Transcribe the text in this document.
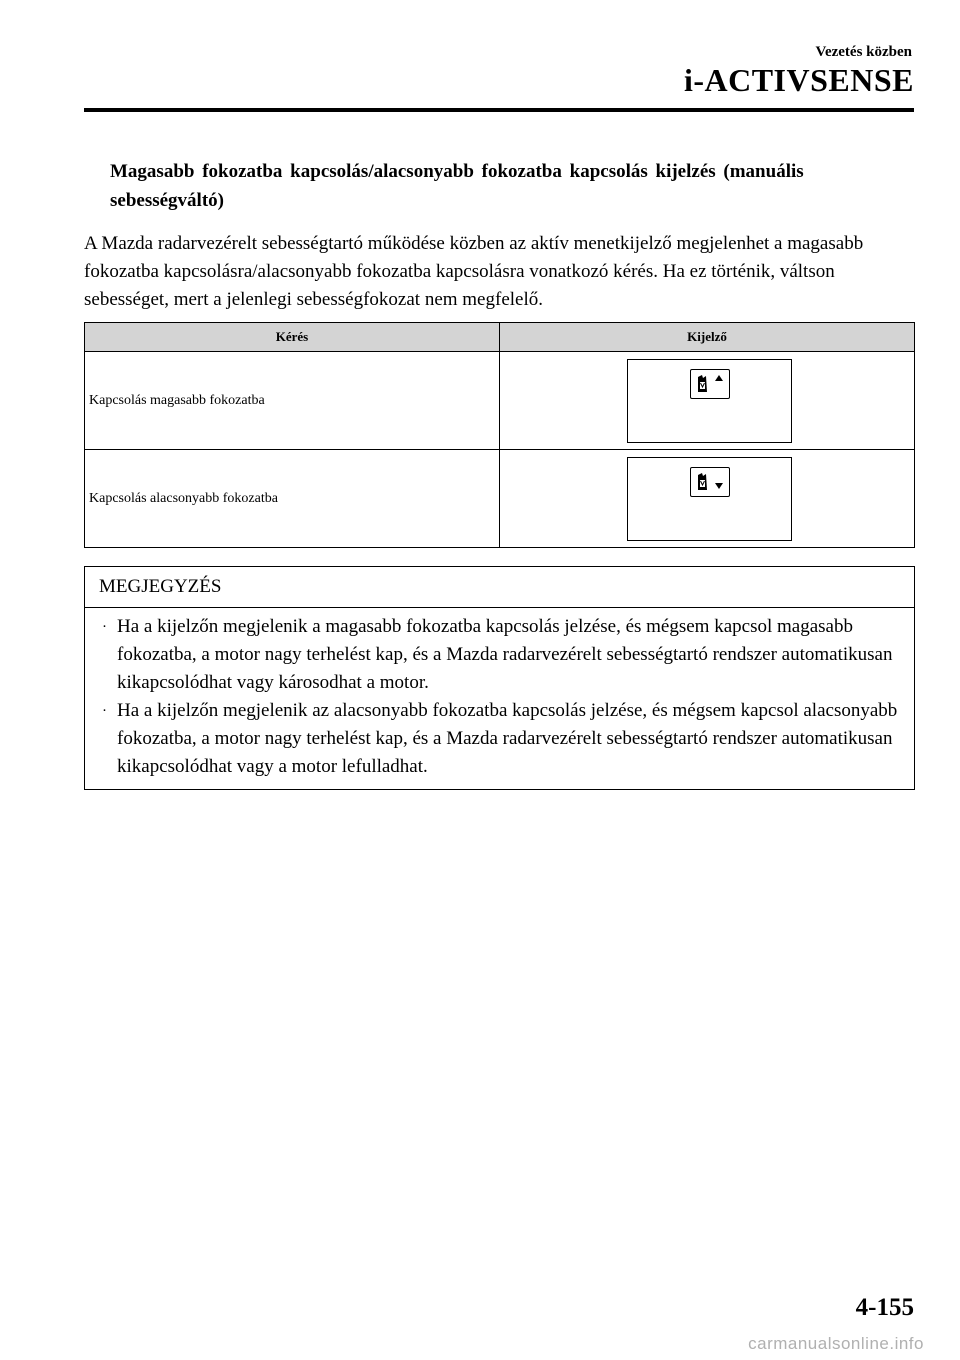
Vezetés közben
i-ACTIVSENSE
Magasabb fokozatba kapcsolás/alacsonyabb fokozatba kapcsolás kijelzés (manuális sebességváltó)
A Mazda radarvezérelt sebességtartó működése közben az aktív menetkijelző megjelenhet a magasabb fokozatba kapcsolásra/alacsonyabb fokozatba kapcsolásra vonatkozó kérés. Ha ez történik, váltson sebességet, mert a jelenlegi sebességfokozat nem megfelelő.
Kérés	Kijelző
Kapcsolás magasabb fokozatba	

Kapcsolás alacsonyabb fokozatba	
MEGJEGYZÉS
· Ha a kijelzőn megjelenik a magasabb fokozatba kapcsolás jelzése, és mégsem kapcsol magasabb fokozatba, a motor nagy terhelést kap, és a Mazda radarvezérelt sebességtartó rendszer automatikusan kikapcsolódhat vagy károsodhat a motor.
· Ha a kijelzőn megjelenik az alacsonyabb fokozatba kapcsolás jelzése, és mégsem kapcsol alacsonyabb fokozatba, a motor nagy terhelést kap, és a Mazda radarvezérelt sebességtartó rendszer automatikusan kikapcsolódhat vagy a motor lefulladhat.
4-155
carmanualsonline.info
